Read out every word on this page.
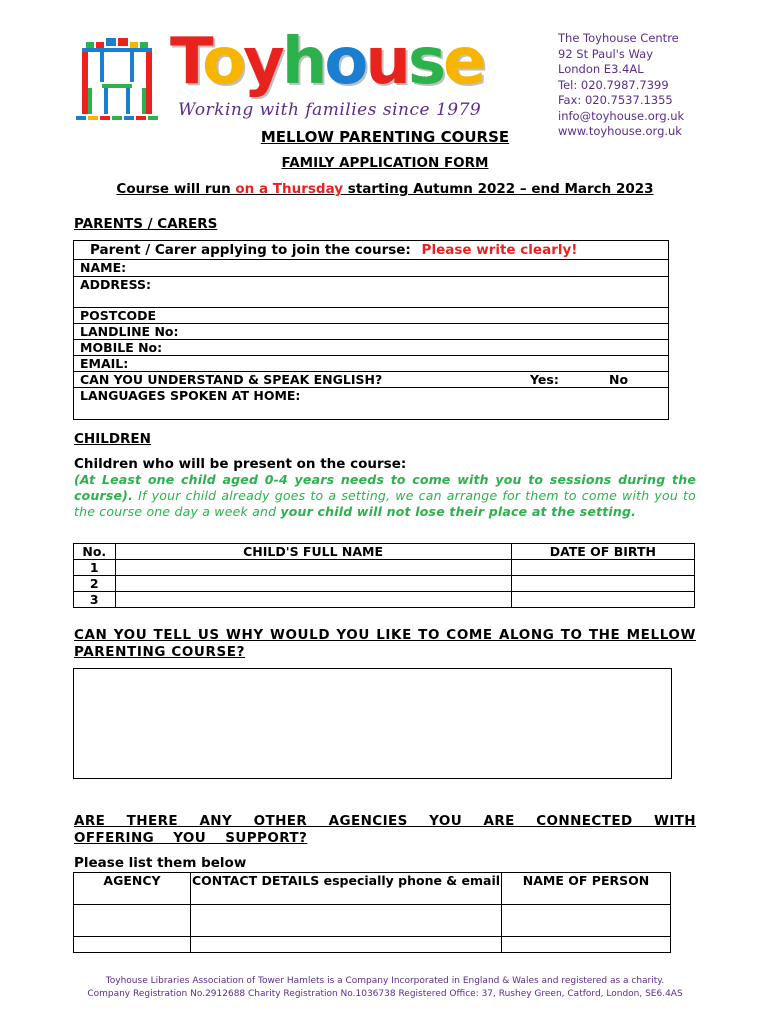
Toyhouse
Working with families since 1979
The Toyhouse Centre
92 St Paul's Way
London E3.4AL
Tel: 020.7987.7399
Fax: 020.7537.1355
info@toyhouse.org.uk
www.toyhouse.org.uk
MELLOW PARENTING COURSE
FAMILY APPLICATION FORM
Course will run on a Thursday starting Autumn 2022 – end March 2023
PARENTS / CARERS
Parent / Carer applying to join the course: Please write clearly!
NAME:
ADDRESS:
POSTCODE
LANDLINE No:
MOBILE No:
EMAIL:
CAN YOU UNDERSTAND & SPEAK ENGLISH?	Yes:	No
LANGUAGES SPOKEN AT HOME:
CHILDREN
Children who will be present on the course:
(At Least one child aged 0-4 years needs to come with you to sessions during the course). If your child already goes to a setting, we can arrange for them to come with you to the course one day a week and your child will not lose their place at the setting.
No.	CHILD'S FULL NAME	DATE OF BIRTH
1		
2		
3		
CAN YOU TELL US WHY WOULD YOU LIKE TO COME ALONG TO THE MELLOW PARENTING COURSE?
ARE THERE ANY OTHER AGENCIES YOU ARE CONNECTED WITH OFFERING YOU SUPPORT?
Please list them below
AGENCY	CONTACT DETAILS especially phone & email	NAME OF PERSON

Toyhouse Libraries Association of Tower Hamlets is a Company Incorporated in England & Wales and registered as a charity.
Company Registration No.2912688 Charity Registration No.1036738 Registered Office: 37, Rushey Green, Catford, London, SE6.4AS
